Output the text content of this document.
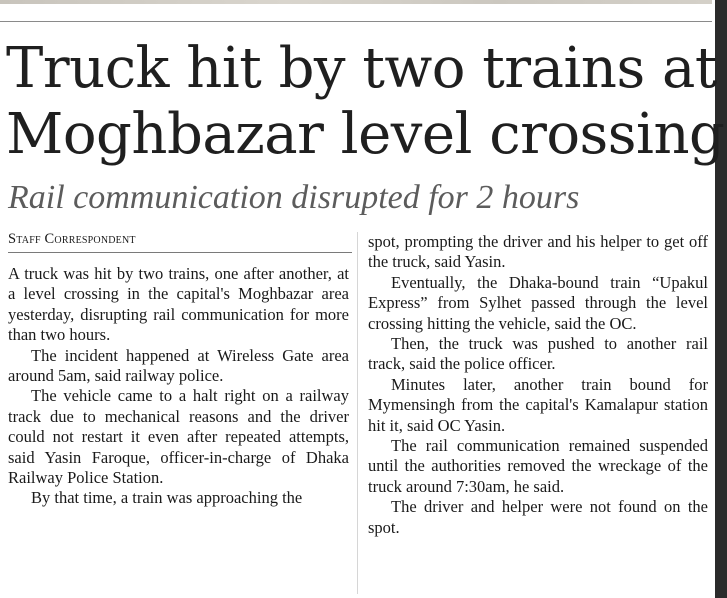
Truck hit by two trains at
Moghbazar level crossing
Rail communication disrupted for 2 hours
Staff Correspondent

A truck was hit by two trains, one after another, at a level crossing in the capital's Moghbazar area yesterday, disrupting rail communication for more than two hours.

The incident happened at Wireless Gate area around 5am, said railway police.

The vehicle came to a halt right on a railway track due to mechanical reasons and the driver could not restart it even after repeated attempts, said Yasin Faroque, officer-in-charge of Dhaka Railway Police Station.

By that time, a train was approaching the

spot, prompting the driver and his helper to get off the truck, said Yasin.

Eventually, the Dhaka-bound train “Upakul Express” from Sylhet passed through the level crossing hitting the vehicle, said the OC.

Then, the truck was pushed to another rail track, said the police officer.

Minutes later, another train bound for Mymensingh from the capital's Kamalapur station hit it, said OC Yasin.

The rail communication remained suspended until the authorities removed the wreckage of the truck around 7:30am, he said.

The driver and helper were not found on the spot.
